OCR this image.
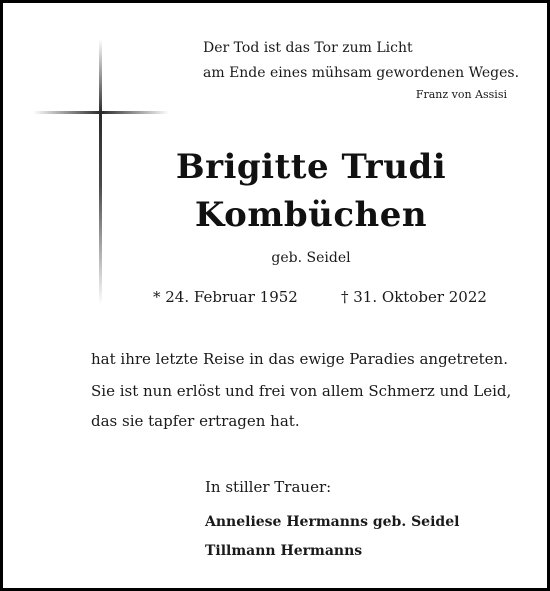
Der Tod ist das Tor zum Licht
am Ende eines mühsam gewordenen Weges.
Franz von Assisi
Brigitte Trudi
Kombüchen
geb. Seidel
* 24. Februar 1952	† 31. Oktober 2022
hat ihre letzte Reise in das ewige Paradies angetreten.
Sie ist nun erlöst und frei von allem Schmerz und Leid,
das sie tapfer ertragen hat.
In stiller Trauer:
Anneliese Hermanns geb. Seidel
Tillmann Hermanns
